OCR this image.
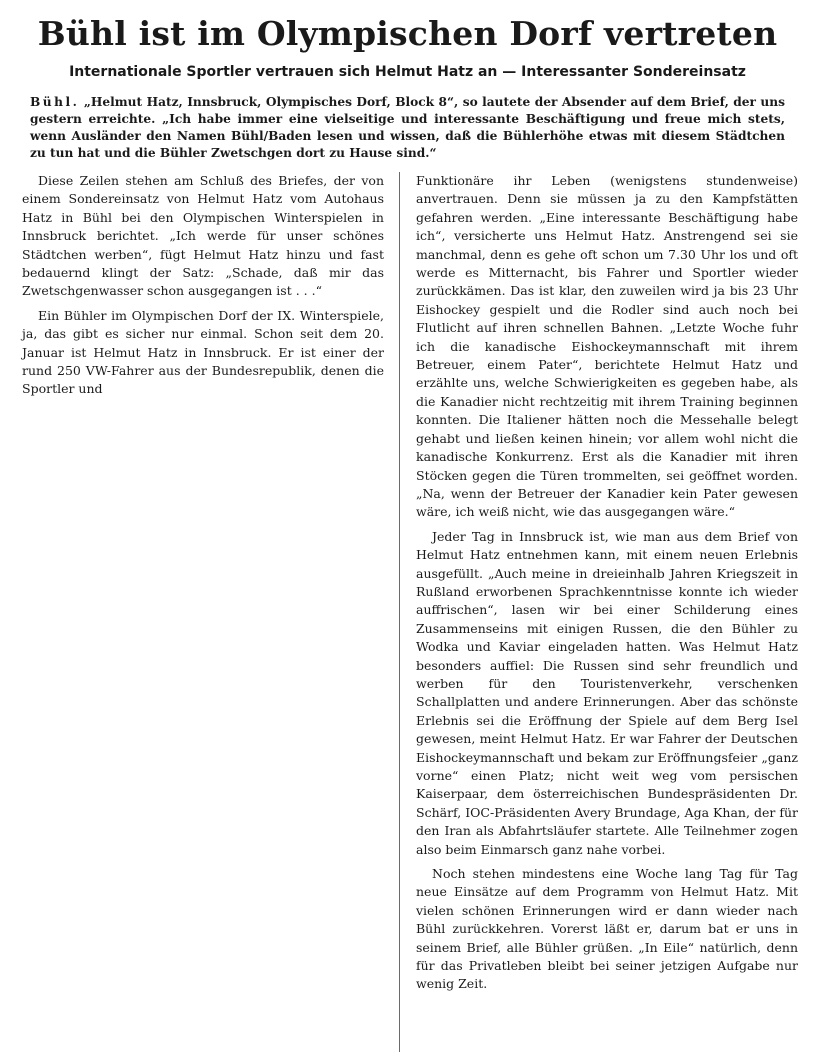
Bühl ist im Olympischen Dorf vertreten
Internationale Sportler vertrauen sich Helmut Hatz an — Interessanter Sondereinsatz

Bühl. „Helmut Hatz, Innsbruck, Olympisches Dorf, Block 8“, so lautete der Absender auf dem Brief, der uns gestern erreichte. „Ich habe immer eine vielseitige und interessante Beschäftigung und freue mich stets, wenn Ausländer den Namen Bühl/Baden lesen und wissen, daß die Bühlerhöhe etwas mit diesem Städtchen zu tun hat und die Bühler Zwetschgen dort zu Hause sind.“

Diese Zeilen stehen am Schluß des Briefes, der von einem Sondereinsatz von Helmut Hatz vom Autohaus Hatz in Bühl bei den Olympischen Winterspielen in Innsbruck berichtet. „Ich werde für unser schönes Städtchen werben“, fügt Helmut Hatz hinzu und fast bedauernd klingt der Satz: „Schade, daß mir das Zwetschgenwasser schon ausgegangen ist . . .“

Ein Bühler im Olympischen Dorf der IX. Winterspiele, ja, das gibt es sicher nur einmal. Schon seit dem 20. Januar ist Helmut Hatz in Innsbruck. Er ist einer der rund 250 VW-Fahrer aus der Bundesrepublik, denen die Sportler und

Funktionäre ihr Leben (wenigstens stundenweise) anvertrauen. Denn sie müssen ja zu den Kampfstätten gefahren werden. „Eine interessante Beschäftigung habe ich“, versicherte uns Helmut Hatz. Anstrengend sei sie manchmal, denn es gehe oft schon um 7.30 Uhr los und oft werde es Mitternacht, bis Fahrer und Sportler wieder zurückkämen. Das ist klar, den zuweilen wird ja bis 23 Uhr Eishockey gespielt und die Rodler sind auch noch bei Flutlicht auf ihren schnellen Bahnen. „Letzte Woche fuhr ich die kanadische Eishockeymannschaft mit ihrem Betreuer, einem Pater“, berichtete Helmut Hatz und erzählte uns, welche Schwierigkeiten es gegeben habe, als die Kanadier nicht rechtzeitig mit ihrem Training beginnen konnten. Die Italiener hätten noch die Messehalle belegt gehabt und ließen keinen hinein; vor allem wohl nicht die kanadische Konkurrenz. Erst als die Kanadier mit ihren Stöcken gegen die Türen trommelten, sei geöffnet worden. „Na, wenn der Betreuer der Kanadier kein Pater gewesen wäre, ich weiß nicht, wie das ausgegangen wäre.“

Jeder Tag in Innsbruck ist, wie man aus dem Brief von Helmut Hatz entnehmen kann, mit einem neuen Erlebnis ausgefüllt. „Auch meine in dreieinhalb Jahren Kriegszeit in Rußland erworbenen Sprachkenntnisse konnte ich wieder auffrischen“, lasen wir bei einer Schilderung eines Zusammenseins mit einigen Russen, die den Bühler zu Wodka und Kaviar eingeladen hatten. Was Helmut Hatz besonders auffiel: Die Russen sind sehr freundlich und werben für den Touristenverkehr, verschenken Schallplatten und andere Erinnerungen. Aber das schönste Erlebnis sei die Eröffnung der Spiele auf dem Berg Isel gewesen, meint Helmut Hatz. Er war Fahrer der Deutschen Eishockeymannschaft und bekam zur Eröffnungsfeier „ganz vorne“ einen Platz; nicht weit weg vom persischen Kaiserpaar, dem österreichischen Bundespräsidenten Dr. Schärf, IOC-Präsidenten Avery Brundage, Aga Khan, der für den Iran als Abfahrtsläufer startete. Alle Teilnehmer zogen also beim Einmarsch ganz nahe vorbei.

Noch stehen mindestens eine Woche lang Tag für Tag neue Einsätze auf dem Programm von Helmut Hatz. Mit vielen schönen Erinnerungen wird er dann wieder nach Bühl zurückkehren. Vorerst läßt er, darum bat er uns in seinem Brief, alle Bühler grüßen. „In Eile“ natürlich, denn für das Privatleben bleibt bei seiner jetzigen Aufgabe nur wenig Zeit.
